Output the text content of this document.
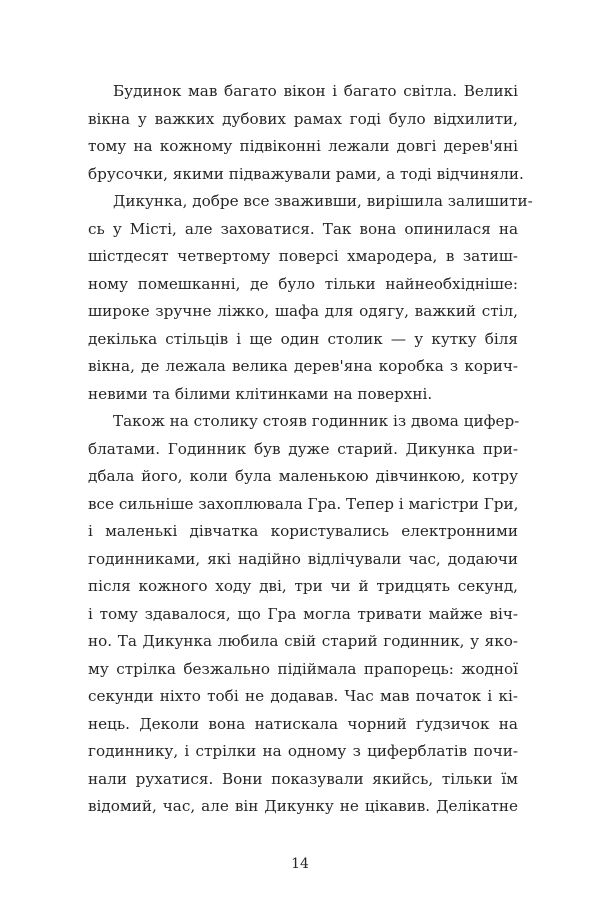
Будинок мав багато вікон і багато світла. Великі
вікна у важких дубових рамах годі було відхилити,
тому на кожному підвіконні лежали довгі дерев'яні
брусочки, якими підважували рами, а тоді відчиняли.
Дикунка, добре все зваживши, вирішила залишити-
сь у Місті, але заховатися. Так вона опинилася на
шістдесят четвертому поверсі хмародера, в затиш-
ному помешканні, де було тільки найнеобхідніше:
широке зручне ліжко, шафа для одягу, важкий стіл,
декілька стільців і ще один столик — у кутку біля
вікна, де лежала велика дерев'яна коробка з корич-
невими та білими клітинками на поверхні.
Також на столику стояв годинник із двома цифер-
блатами. Годинник був дуже старий. Дикунка при-
дбала його, коли була маленькою дівчинкою, котру
все сильніше захоплювала Гра. Тепер і магістри Гри,
і маленькі дівчатка користувались електронними
годинниками, які надійно відлічували час, додаючи
після кожного ходу дві, три чи й тридцять секунд,
і тому здавалося, що Гра могла тривати майже віч-
но. Та Дикунка любила свій старий годинник, у яко-
му стрілка безжально підіймала прапорець: жодної
секунди ніхто тобі не додавав. Час мав початок і кі-
нець. Деколи вона натискала чорний ґудзичок на
годиннику, і стрілки на одному з циферблатів почи-
нали рухатися. Вони показували якийсь, тільки їм
відомий, час, але він Дикунку не цікавив. Делікатне
14
